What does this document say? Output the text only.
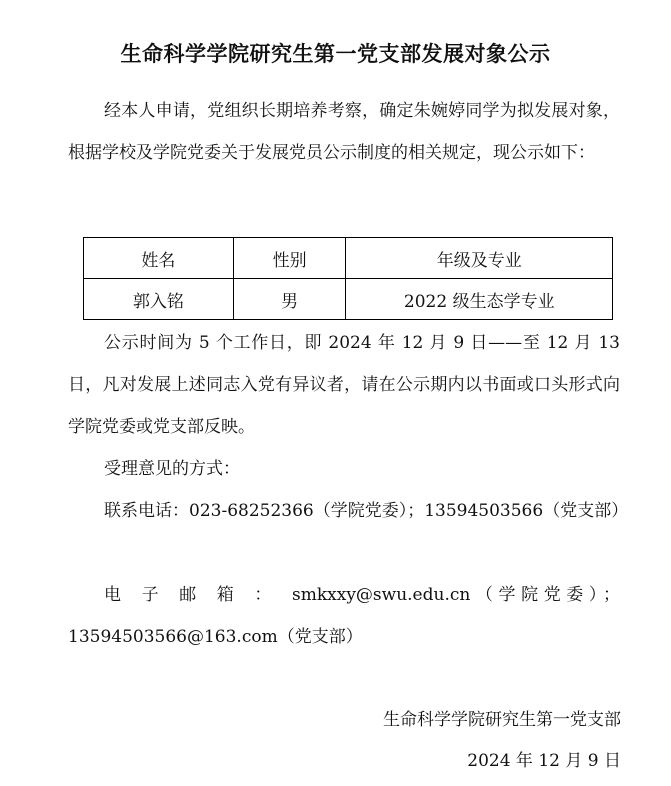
生命科学学院研究生第一党支部发展对象公示

经本人申请，党组织长期培养考察，确定朱婉婷同学为拟发展对象，根据学校及学院党委关于发展党员公示制度的相关规定，现公示如下：

姓名	性别	年级及专业
郭入铭	男	2022 级生态学专业

公示时间为 5 个工作日，即 2024 年 12 月 9 日——至 12 月 13 日，凡对发展上述同志入党有异议者，请在公示期内以书面或口头形式向学院党委或党支部反映。

受理意见的方式：

联系电话：023-68252366（学院党委）；13594503566（党支部）

电子邮箱：smkxxy@swu.edu.cn（学院党委）；13594503566@163.com（党支部）

生命科学学院研究生第一党支部
2024 年 12 月 9 日
